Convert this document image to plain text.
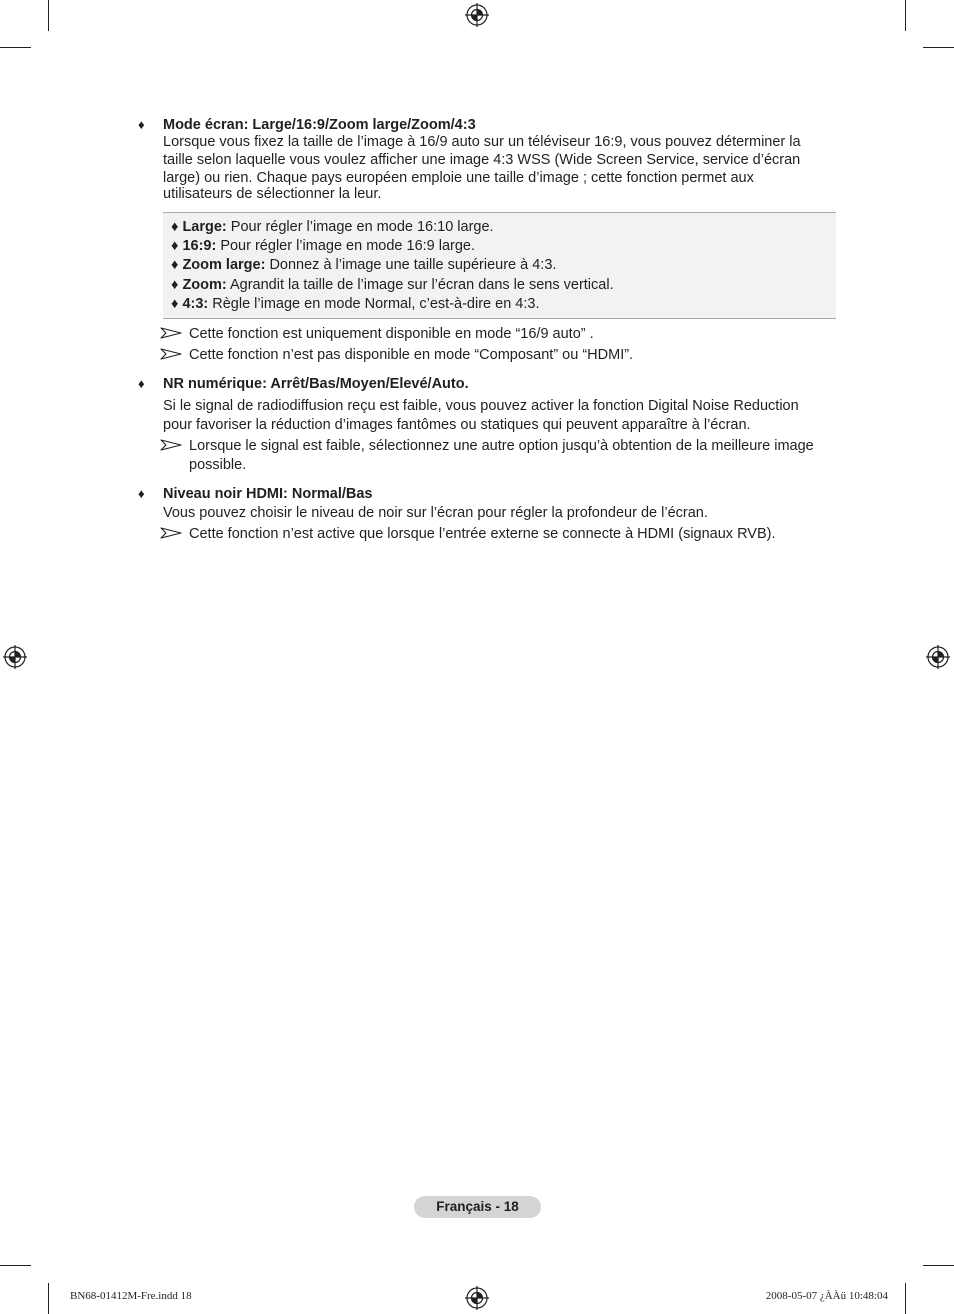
♦ Mode écran: Large/16:9/Zoom large/Zoom/4:3
Lorsque vous fixez la taille de l’image à 16/9 auto sur un téléviseur 16:9, vous pouvez déterminer la
taille selon laquelle vous voulez afficher une image 4:3 WSS (Wide Screen Service, service d’écran
large) ou rien. Chaque pays européen emploie une taille d’image ; cette fonction permet aux
utilisateurs de sélectionner la leur.
♦ Large: Pour régler l’image en mode 16:10 large.
♦ 16:9: Pour régler l’image en mode 16:9 large.
♦ Zoom large: Donnez à l’image une taille supérieure à 4:3.
♦ Zoom: Agrandit la taille de l’image sur l’écran dans le sens vertical.
♦ 4:3: Règle l’image en mode Normal, c’est-à-dire en 4:3.
Cette fonction est uniquement disponible en mode “16/9 auto” .
Cette fonction n’est pas disponible en mode “Composant” ou “HDMI”.
♦ NR numérique: Arrêt/Bas/Moyen/Elevé/Auto.
Si le signal de radiodiffusion reçu est faible, vous pouvez activer la fonction Digital Noise Reduction
pour favoriser la réduction d’images fantômes ou statiques qui peuvent apparaître à l’écran.
Lorsque le signal est faible, sélectionnez une autre option jusqu’à obtention de la meilleure image
possible.
♦ Niveau noir HDMI: Normal/Bas
Vous pouvez choisir le niveau de noir sur l’écran pour régler la profondeur de l’écran.
Cette fonction n’est active que lorsque l’entrée externe se connecte à HDMI (signaux RVB).
Français - 18
BN68-01412M-Fre.indd 18	2008-05-07 ¿ÀÀü 10:48:04
